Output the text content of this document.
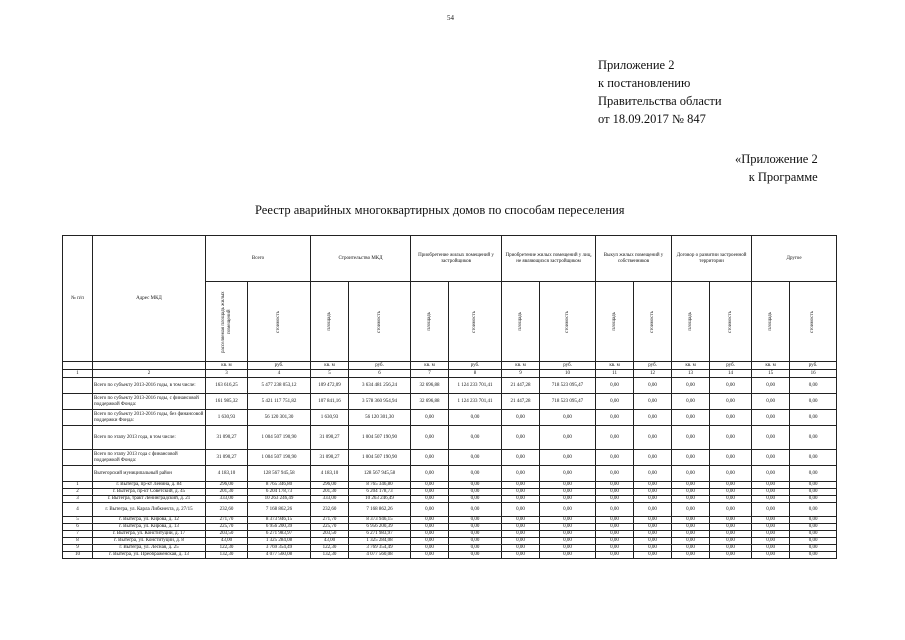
54
Приложение 2
к постановлению
Правительства области
от 18.09.2017 № 847
«Приложение 2
к Программе
Реестр аварийных многоквартирных домов по способам переселения
№ п/п	Адрес МКД	Всего		Строительство МКД		Приобретение жилых помещений у застройщиков		Приобретение жилых помещений у лиц, не являющихся застройщиком		Выкуп жилых помещений у собственников		Договор о развитии застроенной территории		Другое	

		расселяемая площадь жилых помещений	стоимость	площадь	стоимость	площадь	стоимость	площадь	стоимость	площадь	стоимость	площадь	стоимость	площадь	стоимость

		кв. м	руб.	кв. м	руб.	кв. м	руб.	кв. м	руб.	кв. м	руб.	кв. м	руб.	кв. м	руб.
1	2	3	4	5	6	7	8	9	10	11	12	13	14	15	16
	Всего по субъекту 2013-2016 годы, в том числе:	163 616,25	5 477 238 053,12	109 472,09	3 634 481 256,24	32 696,88	1 124 233 701,41	21 447,28	718 523 095,47	0,00	0,00	0,00	0,00	0,00	0,00
	Всего по субъекту 2013-2016 годы, с финансовой поддержкой Фонда:	161 985,32	5 421 117 751,82	107 841,16	3 578 360 954,94	32 696,88	1 124 233 701,41	21 447,28	718 523 095,47	0,00	0,00	0,00	0,00	0,00	0,00
	Всего по субъекту 2013-2016 годы, без финансовой поддержки Фонда:	1 630,93	56 120 301,30	1 630,93	56 120 301,30	0,00	0,00	0,00	0,00	0,00	0,00	0,00	0,00	0,00	0,00
	Всего по этапу 2013 года, в том числе:	31 090,27	1 004 507 190,90	31 090,27	1 004 507 190,90	0,00	0,00	0,00	0,00	0,00	0,00	0,00	0,00	0,00	0,00
	Всего по этапу 2013 года с финансовой поддержкой Фонда:	31 090,27	1 004 507 190,90	31 090,27	1 004 507 190,90	0,00	0,00	0,00	0,00	0,00	0,00	0,00	0,00	0,00	0,00
	Вытегорский муниципальный район	4 183,10	128 567 945,58	4 183,10	128 567 945,58	0,00	0,00	0,00	0,00	0,00	0,00	0,00	0,00	0,00	0,00
1	г. Вытегра, пр-кт Ленина, д. 84	296,00	8 765 346,80	296,00	8 765 346,80	0,00	0,00	0,00	0,00	0,00	0,00	0,00	0,00	0,00	0,00
2	г. Вытегра, пр-кт Советский, д. 45	201,30	6 204 178,73	201,30	6 204 178,73	0,00	0,00	0,00	0,00	0,00	0,00	0,00	0,00	0,00	0,00
3	г. Вытегра, тракт Ленинградский, д. 21	333,00	10 263 246,49	333,00	10 263 246,49	0,00	0,00	0,00	0,00	0,00	0,00	0,00	0,00	0,00	0,00
4	г. Вытегра, ул. Карла Либкнехта, д. 27/15	232,60	7 168 862,26	232,60	7 168 862,26	0,00	0,00	0,00	0,00	0,00	0,00	0,00	0,00	0,00	0,00
5	г. Вытегра, ул. Кирова, д. 12	271,70	8 373 946,15	271,70	8 373 946,15	0,00	0,00	0,00	0,00	0,00	0,00	0,00	0,00	0,00	0,00
6	г. Вытегра, ул. Кирова, д. 13	225,70	6 956 200,39	225,70	6 956 200,39	0,00	0,00	0,00	0,00	0,00	0,00	0,00	0,00	0,00	0,00
7	г. Вытегра, ул. Конституции, д. 17	203,50	6 271 983,97	203,50	6 271 983,97	0,00	0,00	0,00	0,00	0,00	0,00	0,00	0,00	0,00	0,00
8	г. Вытегра, ул. Конституции, д. 8	43,00	1 325 284,08	43,00	1 325 284,08	0,00	0,00	0,00	0,00	0,00	0,00	0,00	0,00	0,00	0,00
9	г. Вытегра, ул. Лесная, д. 25	122,30	3 769 354,49	122,30	3 769 354,49	0,00	0,00	0,00	0,00	0,00	0,00	0,00	0,00	0,00	0,00
10	г. Вытегра, ул. Преображенская, д. 13	132,30	4 077 560,08	132,30	4 077 560,08	0,00	0,00	0,00	0,00	0,00	0,00	0,00	0,00	0,00	0,00
